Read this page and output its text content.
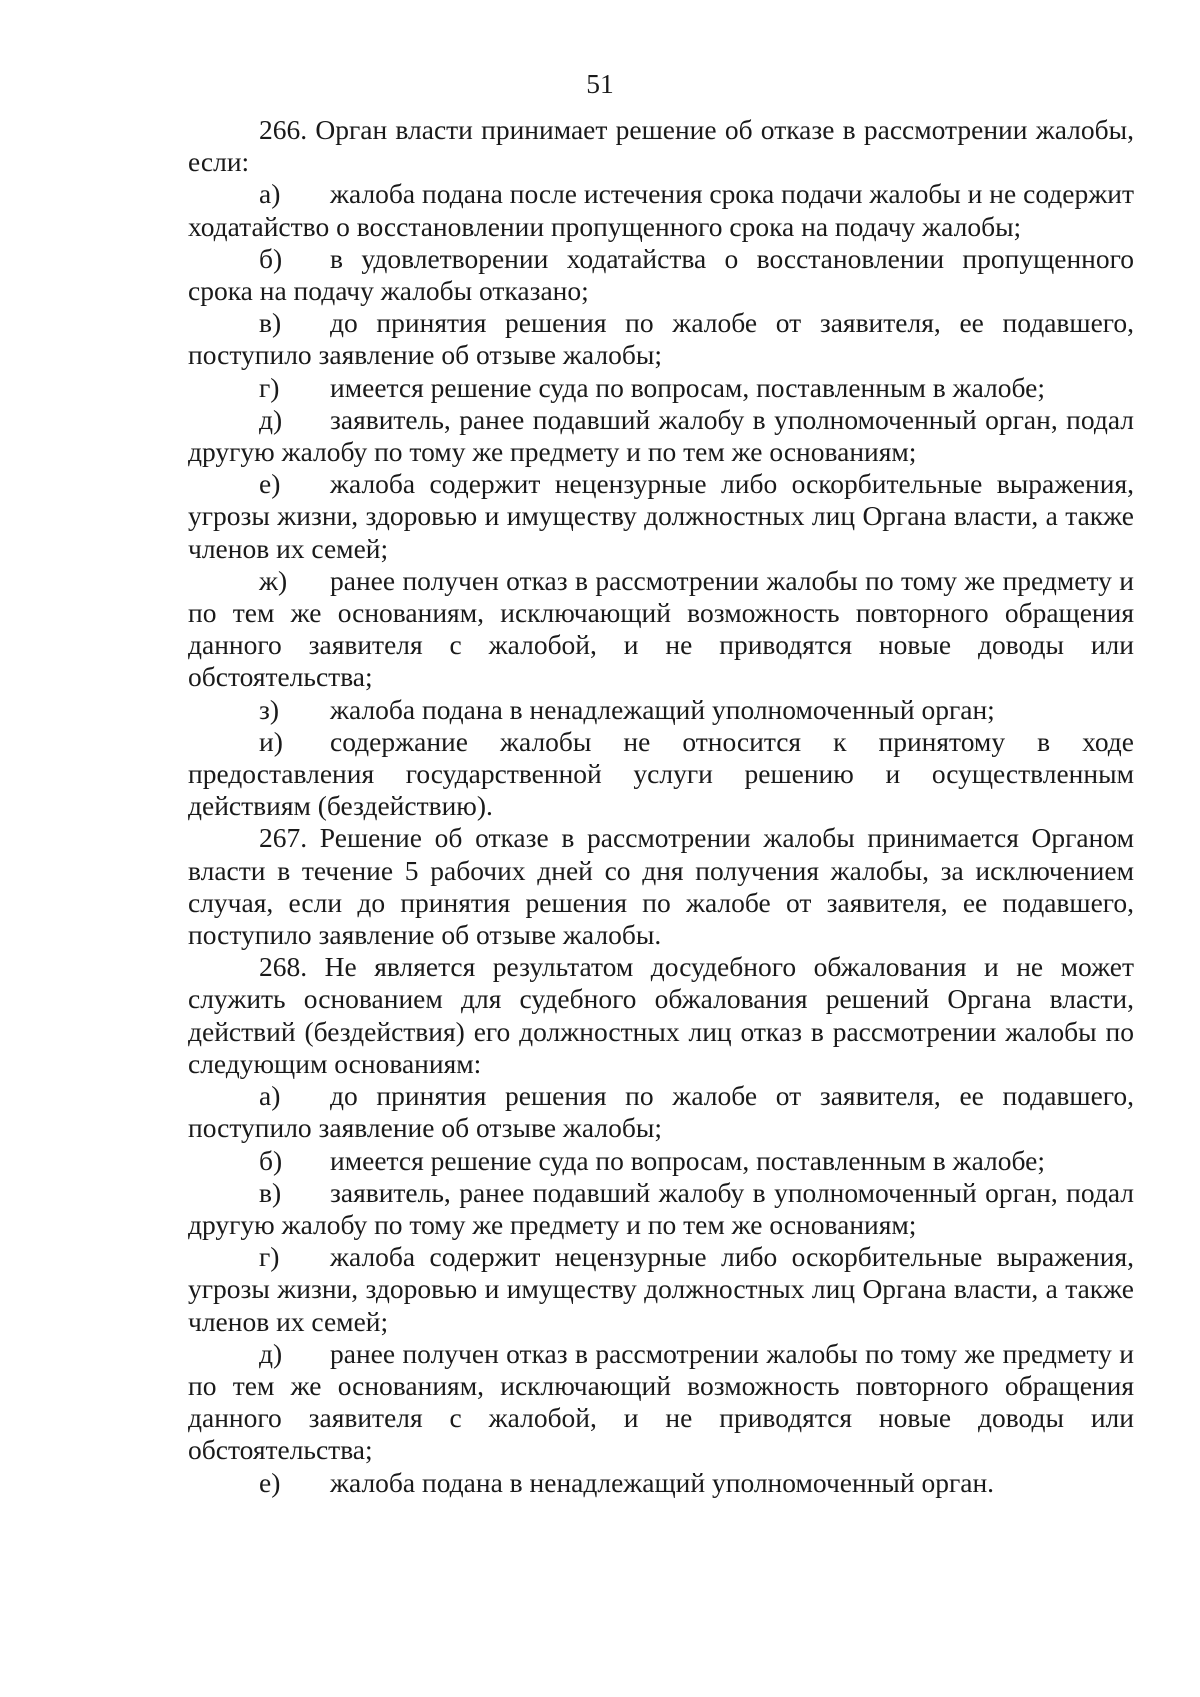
51

266. Орган власти принимает решение об отказе в рассмотрении жалобы, если:

а) жалоба подана после истечения срока подачи жалобы и не содержит ходатайство о восстановлении пропущенного срока на подачу жалобы;

б) в удовлетворении ходатайства о восстановлении пропущенного срока на подачу жалобы отказано;

в) до принятия решения по жалобе от заявителя, ее подавшего, поступило заявление об отзыве жалобы;

г) имеется решение суда по вопросам, поставленным в жалобе;

д) заявитель, ранее подавший жалобу в уполномоченный орган, подал другую жалобу по тому же предмету и по тем же основаниям;

е) жалоба содержит нецензурные либо оскорбительные выражения, угрозы жизни, здоровью и имуществу должностных лиц Органа власти, а также членов их семей;

ж) ранее получен отказ в рассмотрении жалобы по тому же предмету и по тем же основаниям, исключающий возможность повторного обращения данного заявителя с жалобой, и не приводятся новые доводы или обстоятельства;

з) жалоба подана в ненадлежащий уполномоченный орган;

и) содержание жалобы не относится к принятому в ходе предоставления государственной услуги решению и осуществленным действиям (бездействию).

267. Решение об отказе в рассмотрении жалобы принимается Органом власти в течение 5 рабочих дней со дня получения жалобы, за исключением случая, если до принятия решения по жалобе от заявителя, ее подавшего, поступило заявление об отзыве жалобы.

268. Не является результатом досудебного обжалования и не может служить основанием для судебного обжалования решений Органа власти, действий (бездействия) его должностных лиц отказ в рассмотрении жалобы по следующим основаниям:

а) до принятия решения по жалобе от заявителя, ее подавшего, поступило заявление об отзыве жалобы;

б) имеется решение суда по вопросам, поставленным в жалобе;

в) заявитель, ранее подавший жалобу в уполномоченный орган, подал другую жалобу по тому же предмету и по тем же основаниям;

г) жалоба содержит нецензурные либо оскорбительные выражения, угрозы жизни, здоровью и имуществу должностных лиц Органа власти, а также членов их семей;

д) ранее получен отказ в рассмотрении жалобы по тому же предмету и по тем же основаниям, исключающий возможность повторного обращения данного заявителя с жалобой, и не приводятся новые доводы или обстоятельства;

е) жалоба подана в ненадлежащий уполномоченный орган.
